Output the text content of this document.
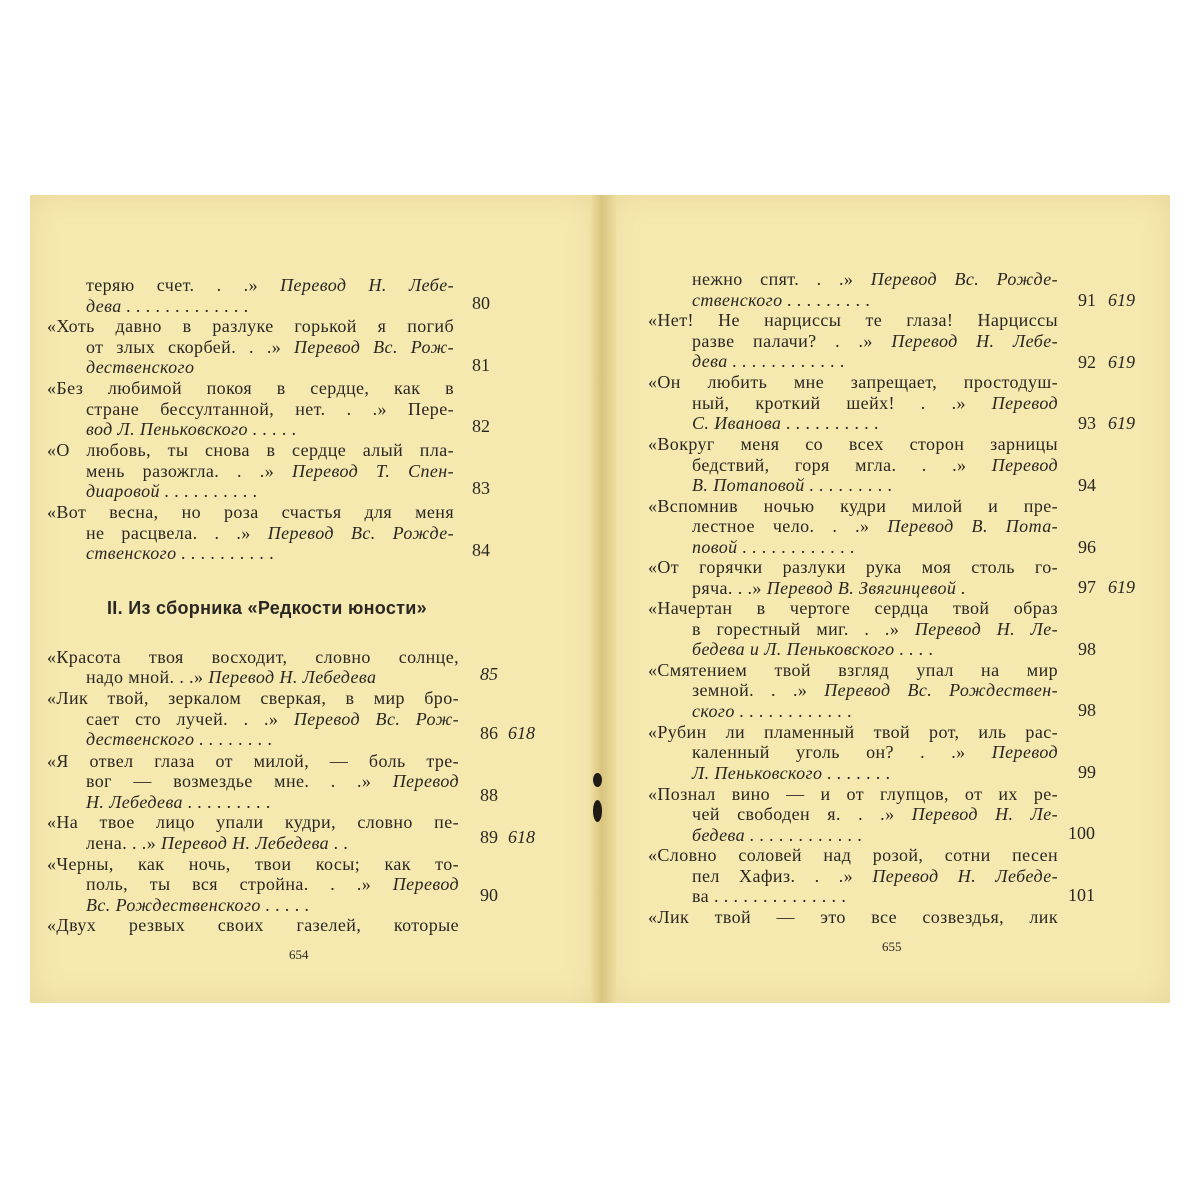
теряю счет. . .» Перевод Н. Лебе-
дева . . . . . . . . . . . . .	80
«Хоть давно в разлуке горькой я погиб
от злых скорбей. . .» Перевод Вс. Рож-
дественского	81
«Без любимой покоя в сердце, как в
стране бессултанной, нет. . .» Пере-
вод Л. Пеньковского . . . . .	82
«О любовь, ты снова в сердце алый пла-
мень разожгла. . .» Перевод Т. Спен-
диаровой . . . . . . . . . .	83
«Вот весна, но роза счастья для меня
не расцвела. . .» Перевод Вс. Рожде-
ственского . . . . . . . . . .	84
II. Из сборника «Редкости юности»
«Красота твоя восходит, словно солнце,
надо мной. . .» Перевод Н. Лебедева	85
«Лик твой, зеркалом сверкая, в мир бро-
сает сто лучей. . .» Перевод Вс. Рож-
дественского . . . . . . . .	86 618
«Я отвел глаза от милой, — боль тре-
вог — возмездье мне. . .» Перевод
Н. Лебедева . . . . . . . . .	88
«На твое лицо упали кудри, словно пе-
лена. . .» Перевод Н. Лебедева . .	89 618
«Черны, как ночь, твои косы; как то-
поль, ты вся стройна. . .» Перевод
Вс. Рождественского . . . . .	90
«Двух резвых своих газелей, которые
654
нежно спят. . .» Перевод Вс. Рожде-
ственского . . . . . . . . .	91 619
«Нет! Не нарциссы те глаза! Нарциссы
разве палачи? . .» Перевод Н. Лебе-
дева . . . . . . . . . . . .	92 619
«Он любить мне запрещает, простодуш-
ный, кроткий шейх! . .» Перевод
С. Иванова . . . . . . . . . .	93 619
«Вокруг меня со всех сторон зарницы
бедствий, горя мгла. . .» Перевод
В. Потаповой . . . . . . . . .	94
«Вспомнив ночью кудри милой и пре-
лестное чело. . .» Перевод В. Пота-
повой . . . . . . . . . . . .	96
«От горячки разлуки рука моя столь го-
ряча. . .» Перевод В. Звягинцевой .	97 619
«Начертан в чертоге сердца твой образ
в горестный миг. . .» Перевод Н. Ле-
бедева и Л. Пеньковского . . . .	98
«Смятением твой взгляд упал на мир
земной. . .» Перевод Вс. Рождествен-
ского . . . . . . . . . . . .	98
«Рубин ли пламенный твой рот, иль рас-
каленный уголь он? . .» Перевод
Л. Пеньковского . . . . . . .	99
«Познал вино — и от глупцов, от их ре-
чей свободен я. . .» Перевод Н. Ле-
бедева . . . . . . . . . . . .	100
«Словно соловей над розой, сотни песен
пел Хафиз. . .» Перевод Н. Лебеде-
ва . . . . . . . . . . . . . .	101
«Лик твой — это все созвездья, лик
655
